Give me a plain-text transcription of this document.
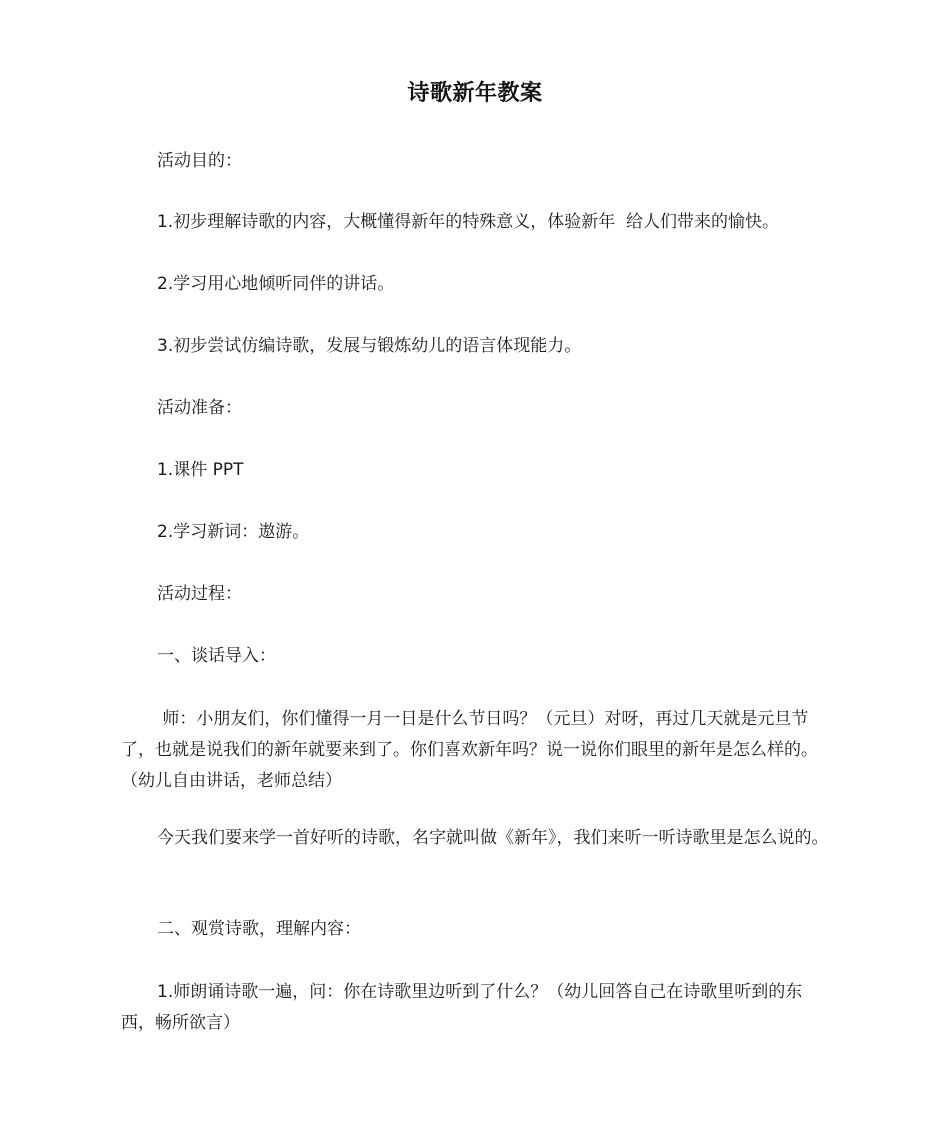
诗歌新年教案

活动目的：

1.初步理解诗歌的内容，大概懂得新年的特殊意义，体验新年  给人们带来的愉快。

2.学习用心地倾听同伴的讲话。

3.初步尝试仿编诗歌，发展与锻炼幼儿的语言体现能力。

活动准备：

1.课件 PPT

2.学习新词：遨游。

活动过程：

一、谈话导入：

师：小朋友们，你们懂得一月一日是什么节日吗？（元旦）对呀，再过几天就是元旦节了，也就是说我们的新年就要来到了。你们喜欢新年吗？说一说你们眼里的新年是怎么样的。（幼儿自由讲话，老师总结）

今天我们要来学一首好听的诗歌，名字就叫做《新年》，我们来听一听诗歌里是怎么说的。

二、观赏诗歌，理解内容：

1.师朗诵诗歌一遍，问：你在诗歌里边听到了什么？（幼儿回答自己在诗歌里听到的东西，畅所欲言）
